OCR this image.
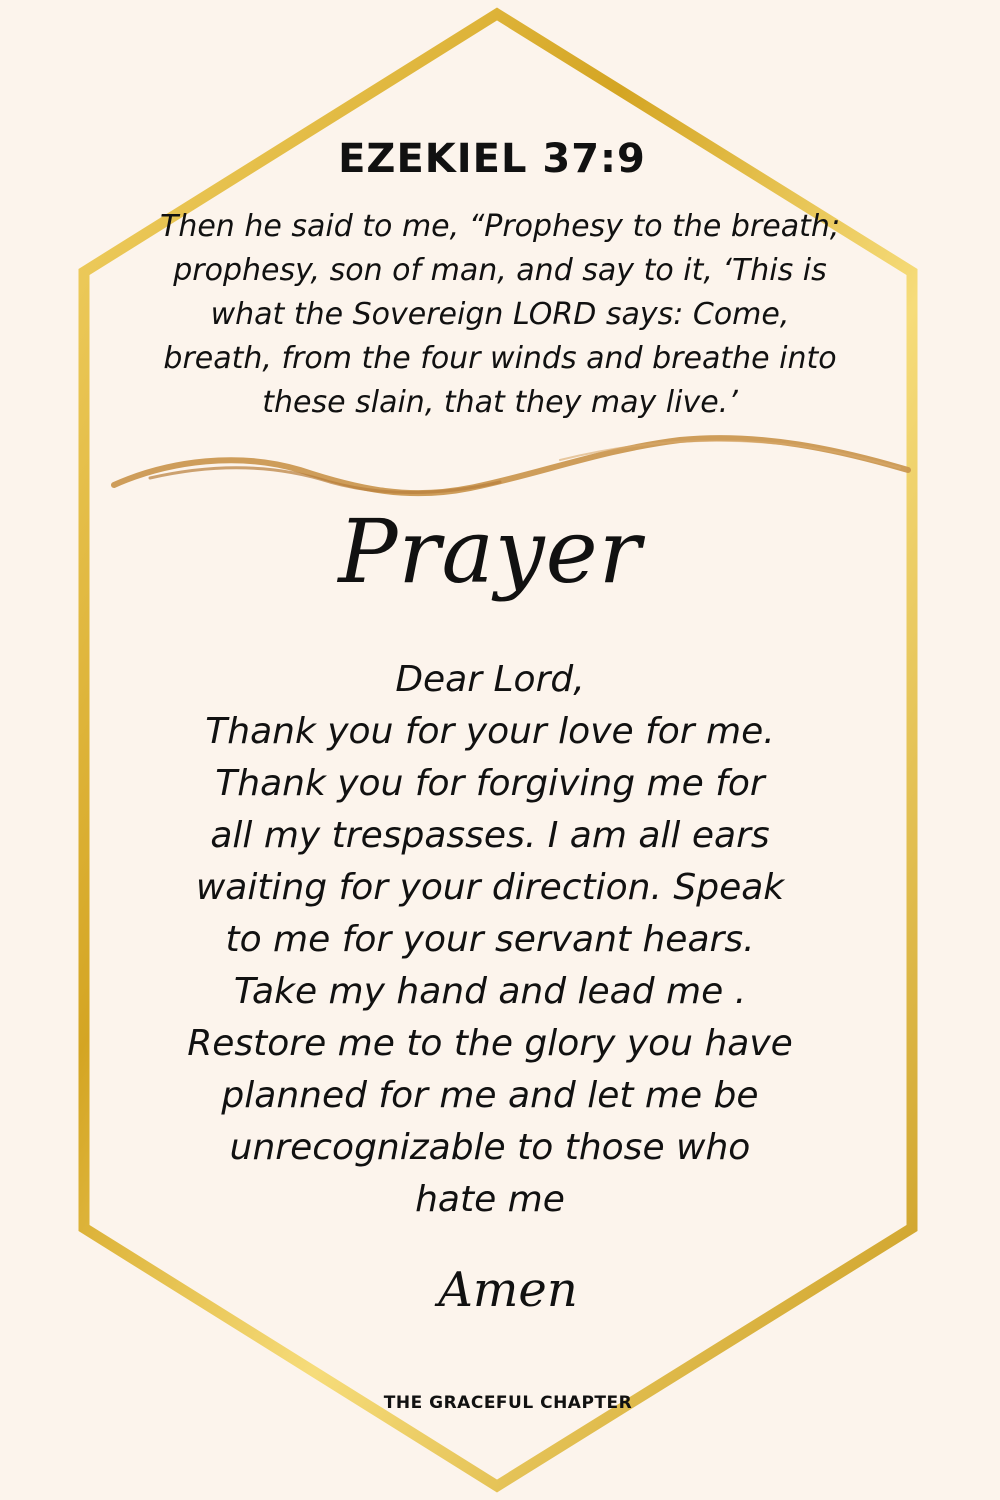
EZEKIEL 37:9
Then he said to me, “Prophesy to the breath; prophesy, son of man, and say to it, ‘This is what the Sovereign LORD says: Come, breath, from the four winds and breathe into these slain, that they may live.’
Prayer
Dear Lord,
Thank you for your love for me.
Thank you for forgiving me for
all my trespasses. I am all ears
waiting for your direction. Speak
to me for your servant hears.
Take my hand and lead me .
Restore me to the glory you have
planned for me and let me be
unrecognizable to those who
hate me
Amen
THE GRACEFUL CHAPTER
